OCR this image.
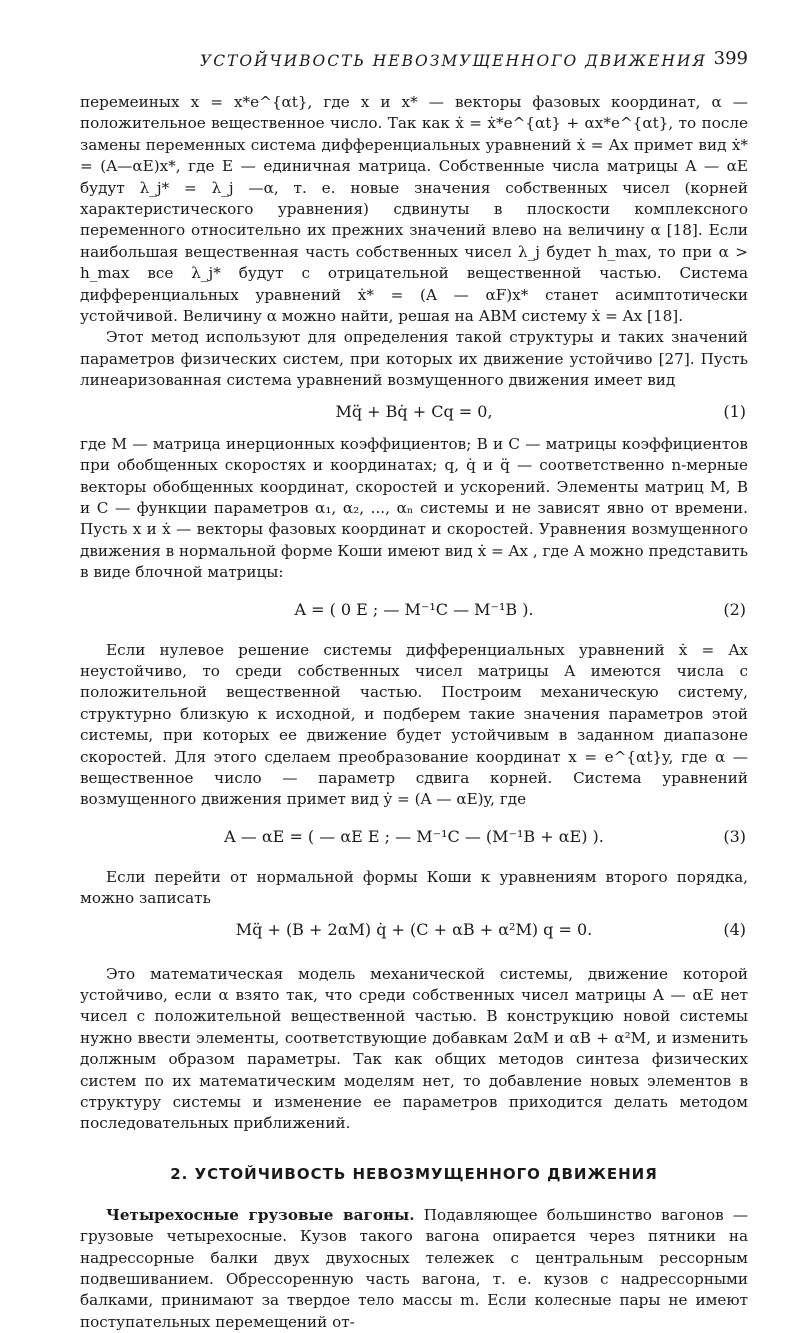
УСТОЙЧИВОСТЬ НЕВОЗМУЩЕННОГО ДВИЖЕНИЯ 399

перемеиных x = x*e^{αt}, где x и x* — векторы фазовых координат, α — положительное вещественное число. Так как ẋ = ẋ*e^{αt} + αx*e^{αt}, то после замены переменных система дифференциальных уравнений ẋ = Ax примет вид ẋ* = (A—αE)x*, где E — единичная матрица. Собственные числа матрицы A — αE будут λ_j* = λ_j —α, т. е. новые значения собственных чисел (корней характеристического уравнения) сдвинуты в плоскости комплексного переменного относительно их прежних значений влево на величину α [18]. Если наибольшая вещественная часть собственных чисел λ_j будет h_max, то при α > h_max все λ_j* будут с отрицательной вещественной частью. Система дифференциальных уравнений ẋ* = (A — αF)x* станет асимптотически устойчивой. Величину α можно найти, решая на АВМ систему ẋ = Ax [18].

Этот метод используют для определения такой структуры и таких значений параметров физических систем, при которых их движение устойчиво [27]. Пусть линеаризованная система уравнений возмущенного движения имеет вид

Mq̈ + Bq̇ + Cq = 0,	(1)

где M — матрица инерционных коэффициентов; B и C — матрицы коэффициентов при обобщенных скоростях и координатах; q, q̇ и q̈ — соответственно n-мерные векторы обобщенных координат, скоростей и ускорений. Элементы матриц M, B и C — функции параметров α₁, α₂, ..., αₙ системы и не зависят явно от времени. Пусть x и ẋ — векторы фазовых координат и скоростей. Уравнения возмущенного движения в нормальной форме Коши имеют вид ẋ = Ax , где A можно представить в виде блочной матрицы:

A = ( 0 E ; — M⁻¹C — M⁻¹B ).	(2)

Если нулевое решение системы дифференциальных уравнений ẋ = Ax неустойчиво, то среди собственных чисел матрицы A имеются числа с положительной вещественной частью. Построим механическую систему, структурно близкую к исходной, и подберем такие значения параметров этой системы, при которых ее движение будет устойчивым в заданном диапазоне скоростей. Для этого сделаем преобразование координат x = e^{αt}y, где α — вещественное число — параметр сдвига корней. Система уравнений возмущенного движения примет вид ẏ = (A — αE)y, где

A — αE = ( — αE E ; — M⁻¹C — (M⁻¹B + αE) ).	(3)

Если перейти от нормальной формы Коши к уравнениям второго порядка, можно записать

Mq̈ + (B + 2αM) q̇ + (C + αB + α²M) q = 0.	(4)

Это математическая модель механической системы, движение которой устойчиво, если α взято так, что среди собственных чисел матрицы A — αE нет чисел с положительной вещественной частью. В конструкцию новой системы нужно ввести элементы, соответствующие добавкам 2αM и αB + α²M, и изменить должным образом параметры. Так как общих методов синтеза физических систем по их математическим моделям нет, то добавление новых элементов в структуру системы и изменение ее параметров приходится делать методом последовательных приближений.

2. УСТОЙЧИВОСТЬ НЕВОЗМУЩЕННОГО ДВИЖЕНИЯ

Четырехосные грузовые вагоны. Подавляющее большинство вагонов — грузовые четырехосные. Кузов такого вагона опирается через пятники на надрессорные балки двух двухосных тележек с центральным рессорным подвешиванием. Обрессоренную часть вагона, т. е. кузов с надрессорными балками, принимают за твердое тело массы m. Если колесные пары не имеют поступательных перемещений от-
